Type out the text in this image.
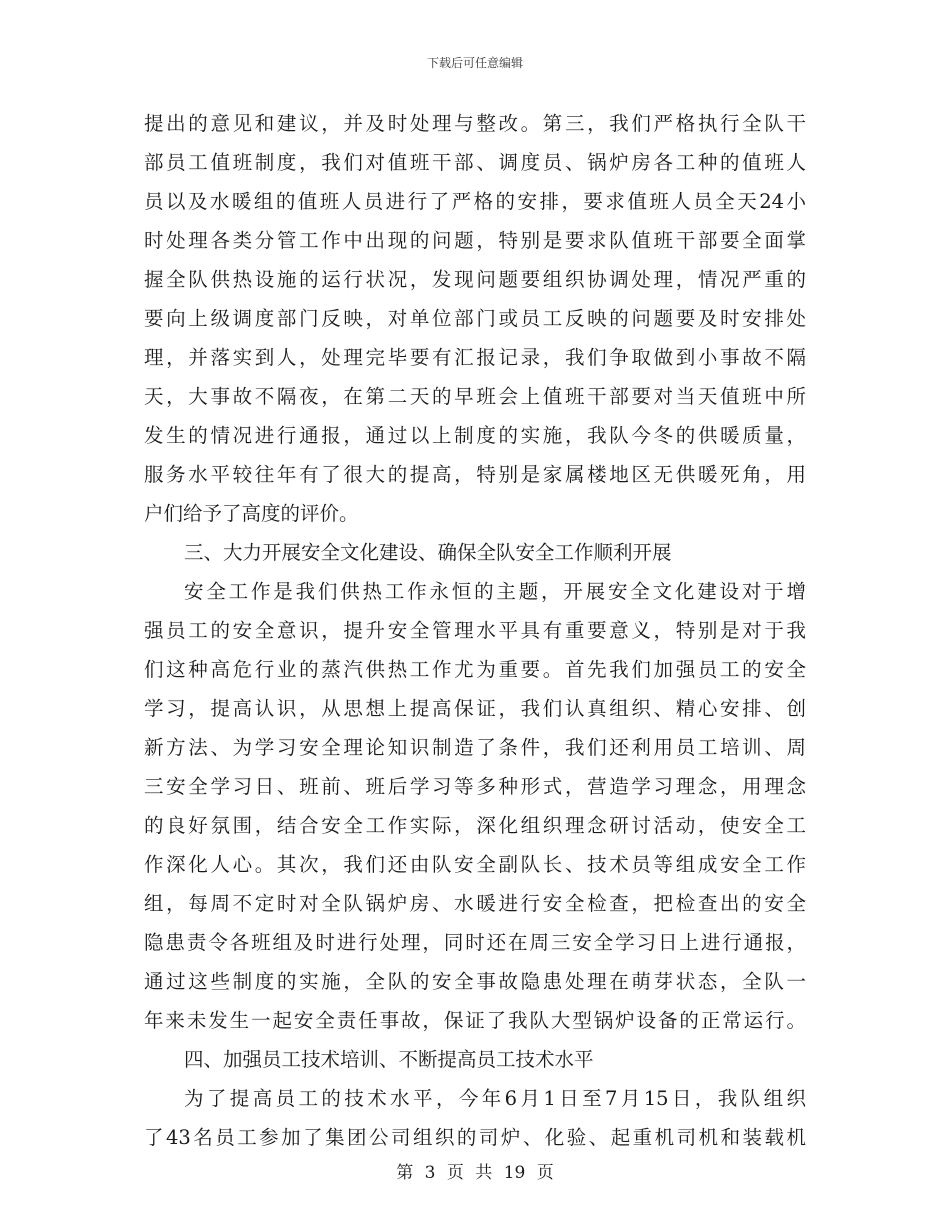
下载后可任意编辑
提出的意见和建议，并及时处理与整改。第三，我们严格执行全队干
部员工值班制度，我们对值班干部、调度员、锅炉房各工种的值班人
员以及水暖组的值班人员进行了严格的安排，要求值班人员全天24小
时处理各类分管工作中出现的问题，特别是要求队值班干部要全面掌
握全队供热设施的运行状况，发现问题要组织协调处理，情况严重的
要向上级调度部门反映，对单位部门或员工反映的问题要及时安排处
理，并落实到人，处理完毕要有汇报记录，我们争取做到小事故不隔
天，大事故不隔夜，在第二天的早班会上值班干部要对当天值班中所
发生的情况进行通报，通过以上制度的实施，我队今冬的供暖质量，
服务水平较往年有了很大的提高，特别是家属楼地区无供暖死角，用
户们给予了高度的评价。
三、大力开展安全文化建设、确保全队安全工作顺利开展
安全工作是我们供热工作永恒的主题，开展安全文化建设对于增
强员工的安全意识，提升安全管理水平具有重要意义，特别是对于我
们这种高危行业的蒸汽供热工作尤为重要。首先我们加强员工的安全
学习，提高认识，从思想上提高保证，我们认真组织、精心安排、创
新方法、为学习安全理论知识制造了条件，我们还利用员工培训、周
三安全学习日、班前、班后学习等多种形式，营造学习理念，用理念
的良好氛围，结合安全工作实际，深化组织理念研讨活动，使安全工
作深化人心。其次，我们还由队安全副队长、技术员等组成安全工作
组，每周不定时对全队锅炉房、水暖进行安全检查，把检查出的安全
隐患责令各班组及时进行处理，同时还在周三安全学习日上进行通报，
通过这些制度的实施，全队的安全事故隐患处理在萌芽状态，全队一
年来未发生一起安全责任事故，保证了我队大型锅炉设备的正常运行。
四、加强员工技术培训、不断提高员工技术水平
为了提高员工的技术水平，今年6月1日至7月15日，我队组织
了43名员工参加了集团公司组织的司炉、化验、起重机司机和装载机
第 3 页 共 19 页
